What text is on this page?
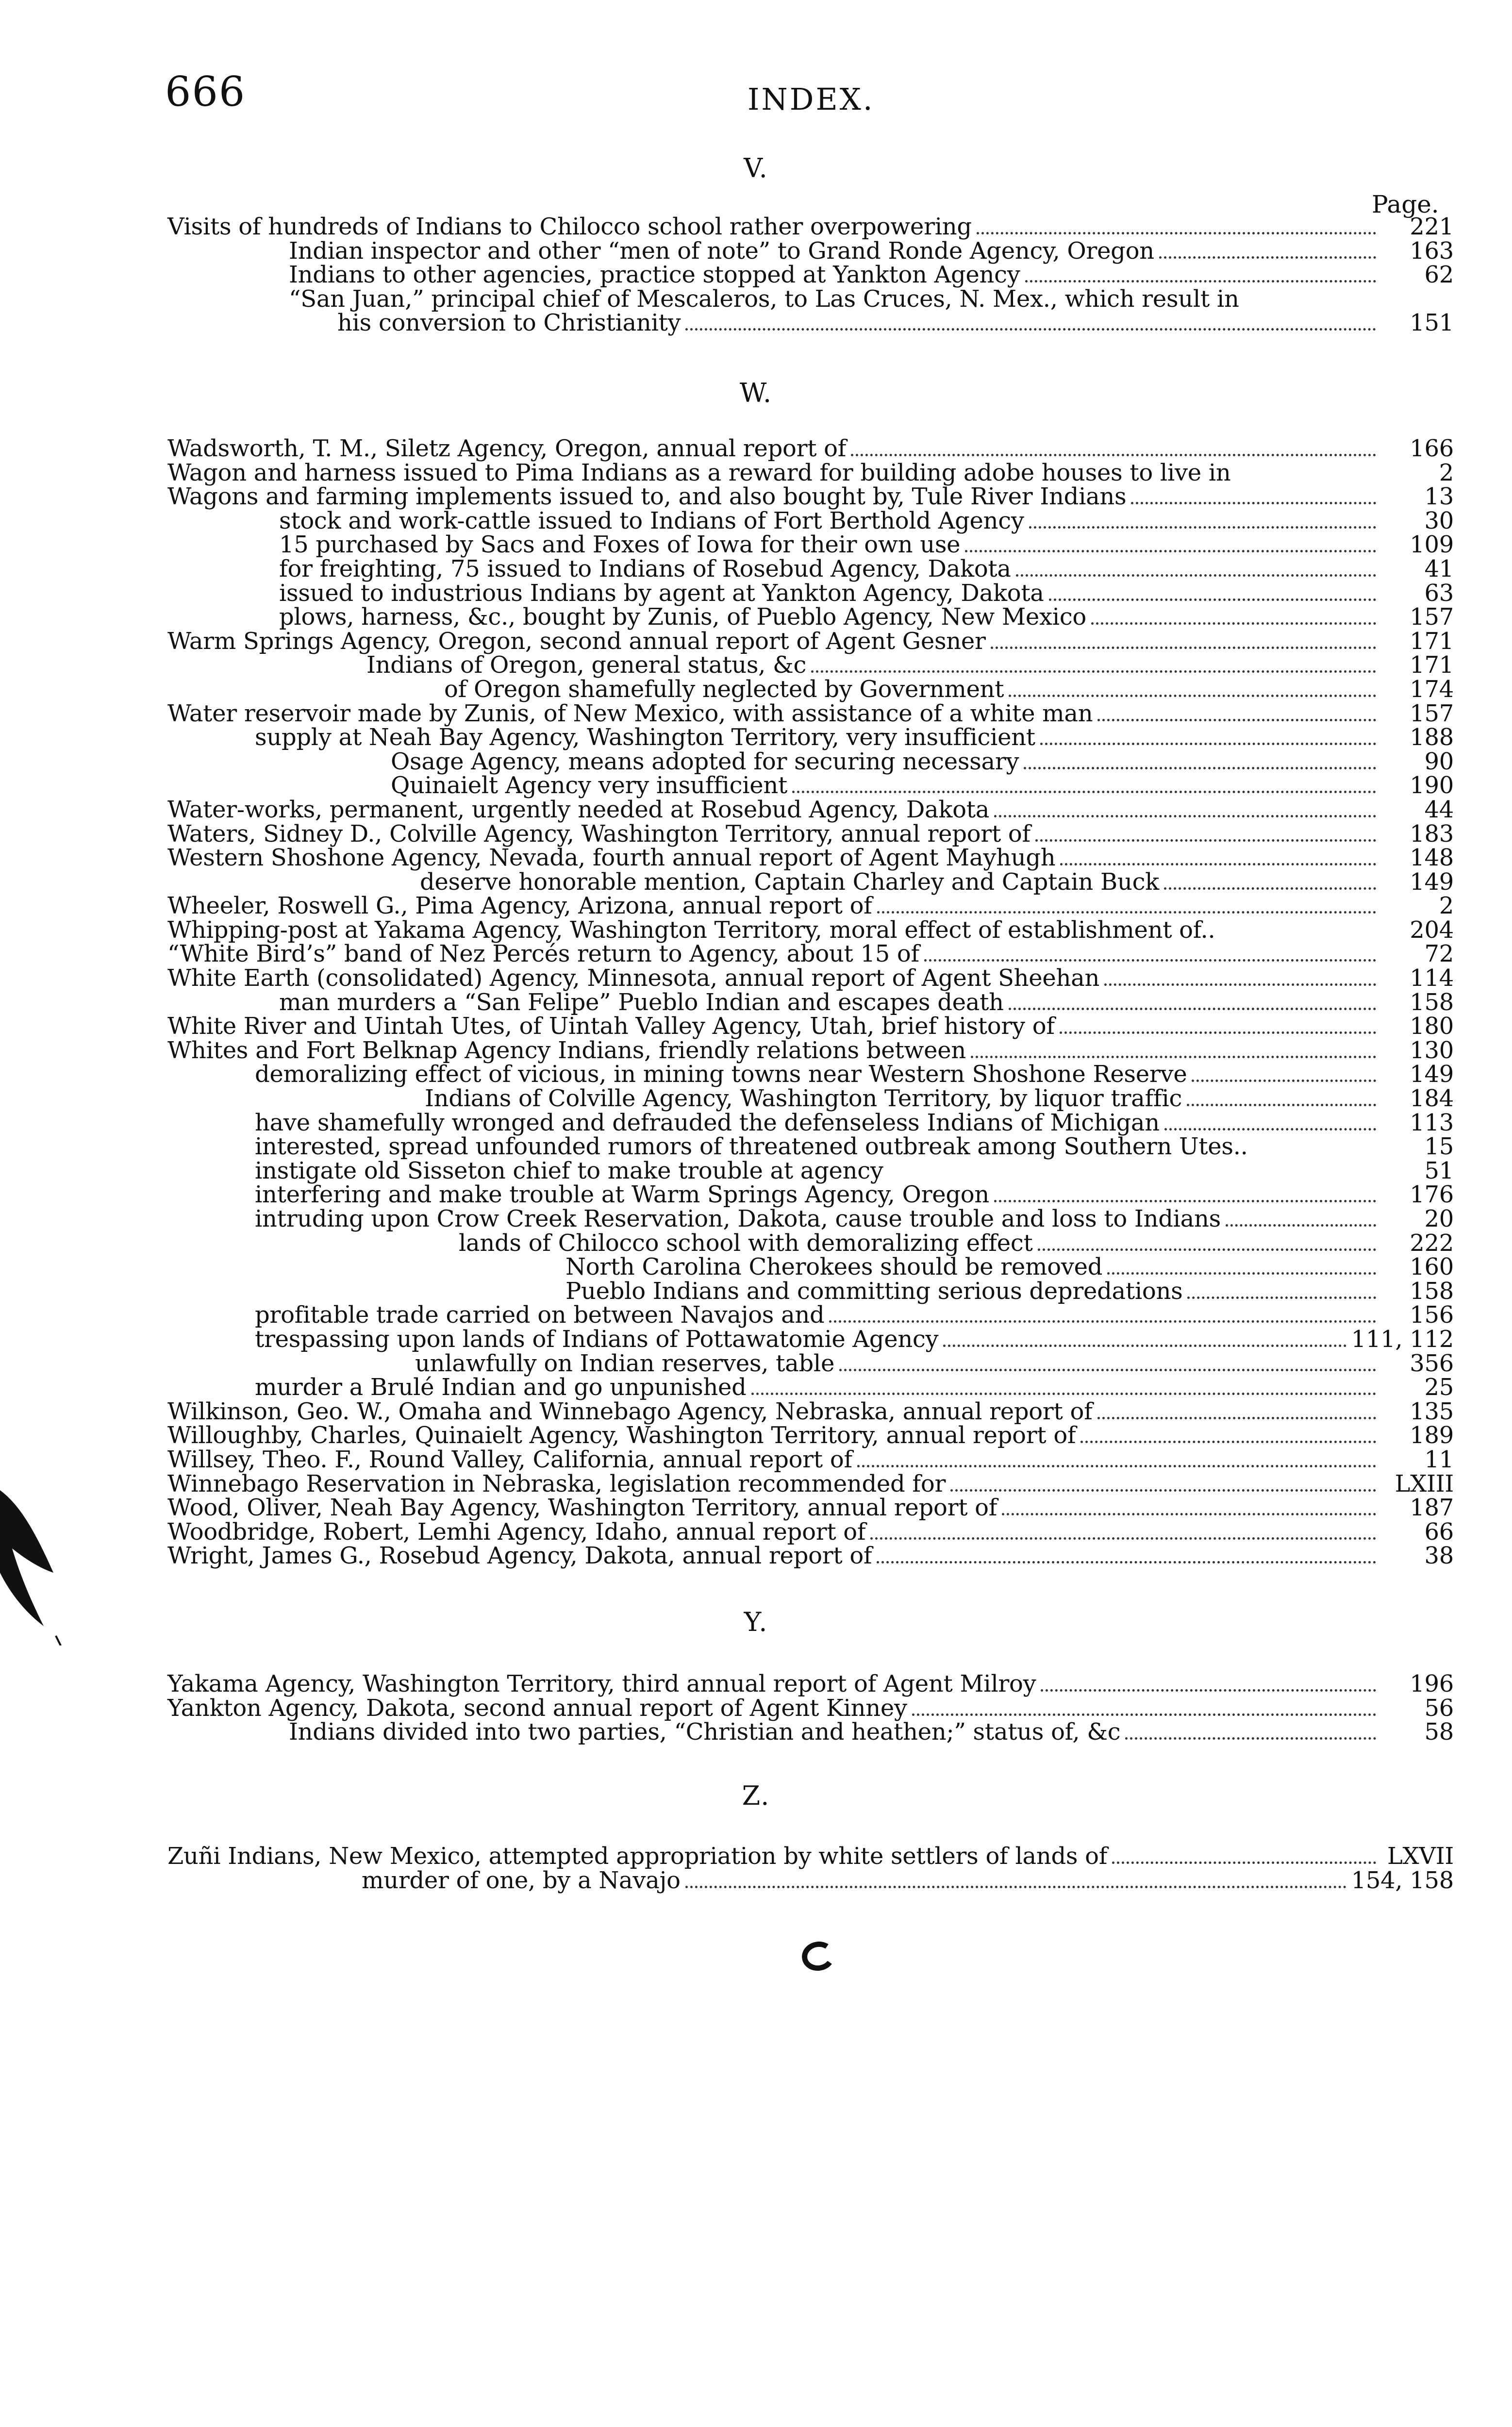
666	INDEX.
V.
Page.
Visits of hundreds of Indians to Chilocco school rather overpowering	221
Indian inspector and other “men of note” to Grand Ronde Agency, Oregon	163
Indians to other agencies, practice stopped at Yankton Agency	62
“San Juan,” principal chief of Mescaleros, to Las Cruces, N. Mex., which result in
his conversion to Christianity	151
W.
Wadsworth, T. M., Siletz Agency, Oregon, annual report of	166
Wagon and harness issued to Pima Indians as a reward for building adobe houses to live in	2
Wagons and farming implements issued to, and also bought by, Tule River Indians	13
stock and work-cattle issued to Indians of Fort Berthold Agency	30
15 purchased by Sacs and Foxes of Iowa for their own use	109
for freighting, 75 issued to Indians of Rosebud Agency, Dakota	41
issued to industrious Indians by agent at Yankton Agency, Dakota	63
plows, harness, &c., bought by Zunis, of Pueblo Agency, New Mexico	157
Warm Springs Agency, Oregon, second annual report of Agent Gesner	171
Indians of Oregon, general status, &c	171
of Oregon shamefully neglected by Government	174
Water reservoir made by Zunis, of New Mexico, with assistance of a white man	157
supply at Neah Bay Agency, Washington Territory, very insufficient	188
Osage Agency, means adopted for securing necessary	90
Quinaielt Agency very insufficient	190
Water-works, permanent, urgently needed at Rosebud Agency, Dakota	44
Waters, Sidney D., Colville Agency, Washington Territory, annual report of	183
Western Shoshone Agency, Nevada, fourth annual report of Agent Mayhugh	148
deserve honorable mention, Captain Charley and Captain Buck	149
Wheeler, Roswell G., Pima Agency, Arizona, annual report of	2
Whipping-post at Yakama Agency, Washington Territory, moral effect of establishment of..	204
“White Bird’s” band of Nez Percés return to Agency, about 15 of	72
White Earth (consolidated) Agency, Minnesota, annual report of Agent Sheehan	114
man murders a “San Felipe” Pueblo Indian and escapes death	158
White River and Uintah Utes, of Uintah Valley Agency, Utah, brief history of	180
Whites and Fort Belknap Agency Indians, friendly relations between	130
demoralizing effect of vicious, in mining towns near Western Shoshone Reserve	149
Indians of Colville Agency, Washington Territory, by liquor traffic	184
have shamefully wronged and defrauded the defenseless Indians of Michigan	113
interested, spread unfounded rumors of threatened outbreak among Southern Utes..	15
instigate old Sisseton chief to make trouble at agency	51
interfering and make trouble at Warm Springs Agency, Oregon	176
intruding upon Crow Creek Reservation, Dakota, cause trouble and loss to Indians	20
lands of Chilocco school with demoralizing effect	222
North Carolina Cherokees should be removed	160
Pueblo Indians and committing serious depredations	158
profitable trade carried on between Navajos and	156
trespassing upon lands of Indians of Pottawatomie Agency	111, 112
unlawfully on Indian reserves, table	356
murder a Brulé Indian and go unpunished	25
Wilkinson, Geo. W., Omaha and Winnebago Agency, Nebraska, annual report of	135
Willoughby, Charles, Quinaielt Agency, Washington Territory, annual report of	189
Willsey, Theo. F., Round Valley, California, annual report of	11
Winnebago Reservation in Nebraska, legislation recommended for	LXIII
Wood, Oliver, Neah Bay Agency, Washington Territory, annual report of	187
Woodbridge, Robert, Lemhi Agency, Idaho, annual report of	66
Wright, James G., Rosebud Agency, Dakota, annual report of	38
Y.
Yakama Agency, Washington Territory, third annual report of Agent Milroy	196
Yankton Agency, Dakota, second annual report of Agent Kinney	56
Indians divided into two parties, “Christian and heathen;” status of, &c	58
Z.
Zuñi Indians, New Mexico, attempted appropriation by white settlers of lands of	LXVII
murder of one, by a Navajo	154, 158
